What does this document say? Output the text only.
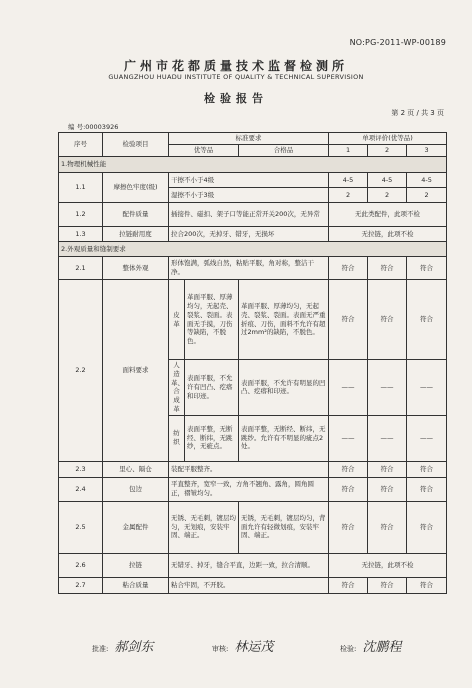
NO:PG-2011-WP-00189
广州市花都质量技术监督检测所
GUANGZHOU HUADU INSTITUTE OF QUALITY & TECHNICAL SUPERVISION
检验报告
第 2 页 / 共 3 页
编 号:00003926
序号	检验项目	标准要求			单项评价(优等品)		
		优等品		合格品	1	2	3
1.物理机械性能							
1.1	摩擦色牢度(级)	干擦不小于4级			4-5	4-5	4-5
		湿擦不小于3级			2	2	2
1.2	配件质量	插接件、磁扣、架子口等能正常开关200次，无异常			无此类配件，此项不检		
1.3	拉链耐用度	拉合200次，无掉牙、错牙，无损坏			无拉链，此项不检		
2.外观质量和缝制要求							
2.1	整体外观	形体饱满，弧线自然，粘贴平服，角对称，整洁干净。			符合	符合	符合
2.2	面料要求	皮革	革面平服、厚薄均匀，无起壳、裂浆、裂面。表面无手摸，刀伤等缺陷，不脱色。	革面平服、厚薄均匀，无起壳、裂浆、裂面。表面无严重折痕、刀伤，面料不允许有超过2mm²的缺陷，不脱色。	符合	符合	符合
		人造革、合成革	表面平服，不允许有凹凸、疙瘩和印迹。	表面平服，不允许有明显的凹凸、疙瘩和印迹。	——	——	——
		纺织	表面平整，无断经、断纬，无跳纱，无疵点。	表面平整，无断经、断纬，无跳纱。允许有不明显的疵点2处。	——	——	——
2.3	里心、隔仓	装配平服整齐。			符合	符合	符合
2.4	包边	平直整齐，宽窄一致，方角不翘角、露角，圆角圆正，褶皱均匀。			符合	符合	符合
2.5	金属配件	无锈、无毛刺，镀层均匀，无划痕，安装牢固、端正。		无锈，无毛刺，镀层均匀，背面允许有轻微划痕，安装牢固、端正。	符合	符合	符合
2.6	拉链	无错牙、掉牙，缝合平直，边距一致，拉合清顺。			无拉链，此项不检		
2.7	粘合质量	粘合牢固，不开胶。			符合	符合	符合
批准: 郝剑东	审核: 林运茂	检验: 沈鹏程
